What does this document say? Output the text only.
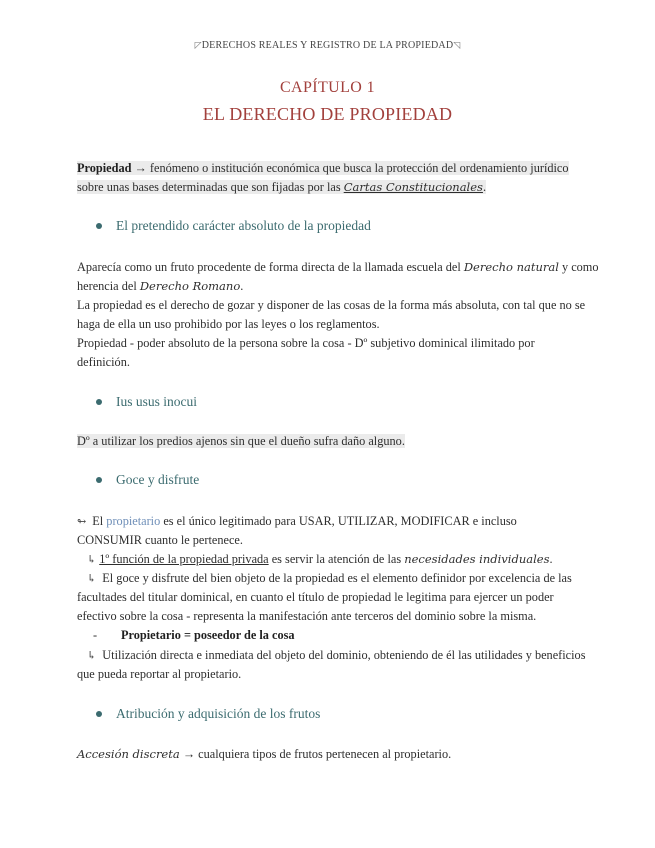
◸DERECHOS REALES Y REGISTRO DE LA PROPIEDAD◹
CAPÍTULO 1
EL DERECHO DE PROPIEDAD
Propiedad → fenómeno o institución económica que busca la protección del ordenamiento jurídico
sobre unas bases determinadas que son fijadas por las Cartas Constitucionales.
El pretendido carácter absoluto de la propiedad
Aparecía como un fruto procedente de forma directa de la llamada escuela del Derecho natural y como
herencia del Derecho Romano.
La propiedad es el derecho de gozar y disponer de las cosas de la forma más absoluta, con tal que no se
haga de ella un uso prohibido por las leyes o los reglamentos.
Propiedad - poder absoluto de la persona sobre la cosa - Dº subjetivo dominical ilimitado por
definición.
Ius usus inocui
Dº a utilizar los predios ajenos sin que el dueño sufra daño alguno.
Goce y disfrute
↬ El propietario es el único legitimado para USAR, UTILIZAR, MODIFICAR e incluso
CONSUMIR cuanto le pertenece.
↳ 1º función de la propiedad privada es servir la atención de las necesidades individuales.
↳ El goce y disfrute del bien objeto de la propiedad es el elemento definidor por excelencia de las
facultades del titular dominical, en cuanto el título de propiedad le legitima para ejercer un poder
efectivo sobre la cosa - representa la manifestación ante terceros del dominio sobre la misma.
- Propietario = poseedor de la cosa
↳ Utilización directa e inmediata del objeto del dominio, obteniendo de él las utilidades y beneficios
que pueda reportar al propietario.
Atribución y adquisición de los frutos
Accesión discreta → cualquiera tipos de frutos pertenecen al propietario.
